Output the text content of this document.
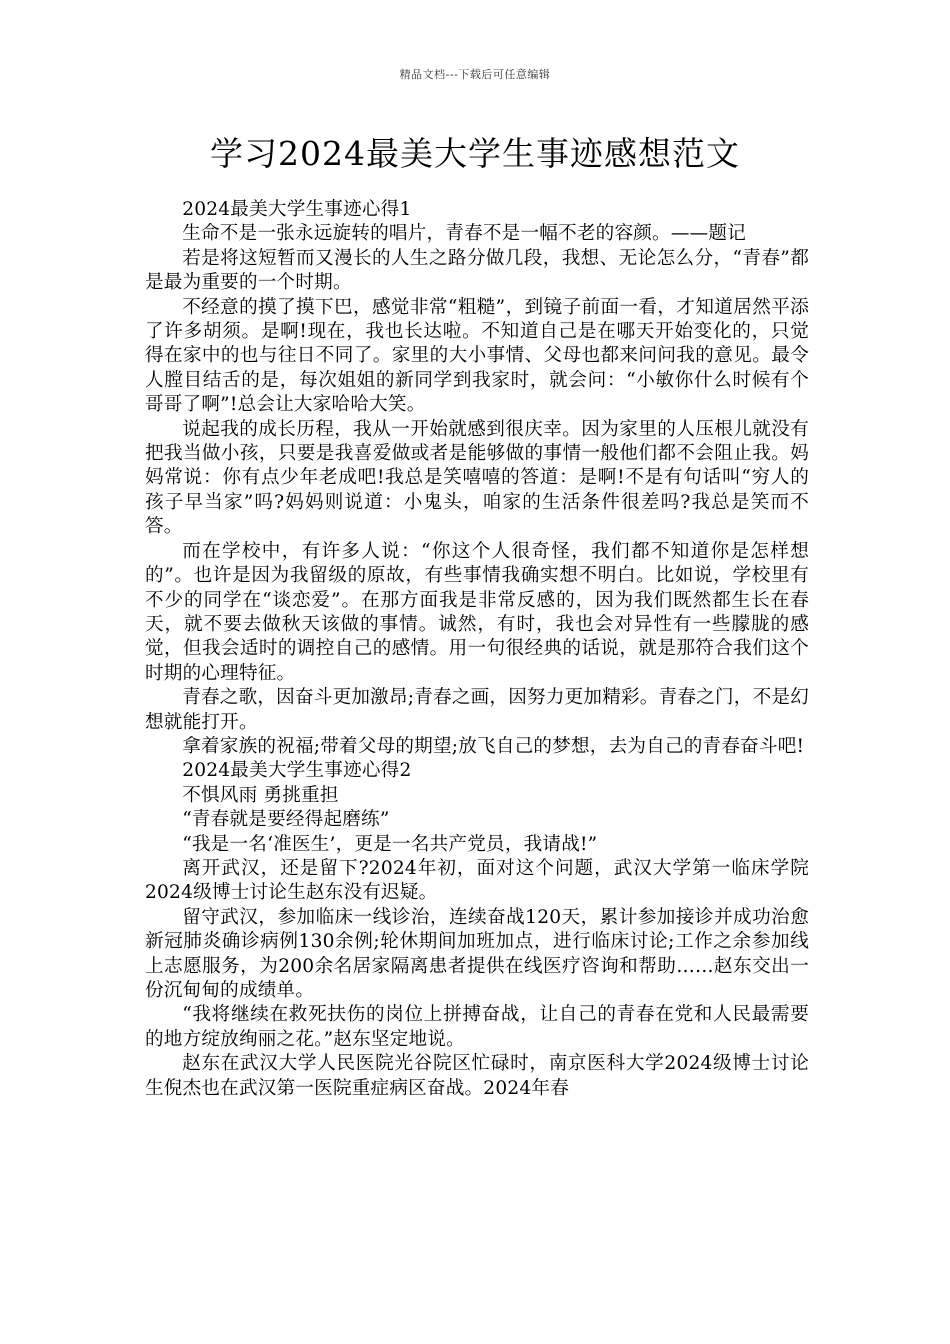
精品文档---下载后可任意编辑
学习2024最美大学生事迹感想范文

2024最美大学生事迹心得1

生命不是一张永远旋转的唱片，青春不是一幅不老的容颜。——题记

若是将这短暂而又漫长的人生之路分做几段，我想、无论怎么分，“青春”都是最为重要的一个时期。

不经意的摸了摸下巴，感觉非常“粗糙”，到镜子前面一看，才知道居然平添了许多胡须。是啊!现在，我也长达啦。不知道自己是在哪天开始变化的，只觉得在家中的也与往日不同了。家里的大小事情、父母也都来问问我的意见。最令人膛目结舌的是，每次姐姐的新同学到我家时，就会问：“小敏你什么时候有个哥哥了啊”!总会让大家哈哈大笑。

说起我的成长历程，我从一开始就感到很庆幸。因为家里的人压根儿就没有把我当做小孩，只要是我喜爱做或者是能够做的事情一般他们都不会阻止我。妈妈常说：你有点少年老成吧!我总是笑嘻嘻的答道：是啊!不是有句话叫“穷人的孩子早当家”吗?妈妈则说道：小鬼头，咱家的生活条件很差吗?我总是笑而不答。

而在学校中，有许多人说：“你这个人很奇怪，我们都不知道你是怎样想的”。也许是因为我留级的原故，有些事情我确实想不明白。比如说，学校里有不少的同学在“谈恋爱”。在那方面我是非常反感的，因为我们既然都生长在春天，就不要去做秋天该做的事情。诚然，有时，我也会对异性有一些朦胧的感觉，但我会适时的调控自己的感情。用一句很经典的话说，就是那符合我们这个时期的心理特征。

青春之歌，因奋斗更加激昂;青春之画，因努力更加精彩。青春之门，不是幻想就能打开。

拿着家族的祝福;带着父母的期望;放飞自己的梦想，去为自己的青春奋斗吧!

2024最美大学生事迹心得2

不惧风雨 勇挑重担

“青春就是要经得起磨练”

“我是一名‘准医生’，更是一名共产党员，我请战!”

离开武汉，还是留下?2024年初，面对这个问题，武汉大学第一临床学院2024级博士讨论生赵东没有迟疑。

留守武汉，参加临床一线诊治，连续奋战120天，累计参加接诊并成功治愈新冠肺炎确诊病例130余例;轮休期间加班加点，进行临床讨论;工作之余参加线上志愿服务，为200余名居家隔离患者提供在线医疗咨询和帮助……赵东交出一份沉甸甸的成绩单。

“我将继续在救死扶伤的岗位上拼搏奋战，让自己的青春在党和人民最需要的地方绽放绚丽之花。”赵东坚定地说。

赵东在武汉大学人民医院光谷院区忙碌时，南京医科大学2024级博士讨论生倪杰也在武汉第一医院重症病区奋战。2024年春
